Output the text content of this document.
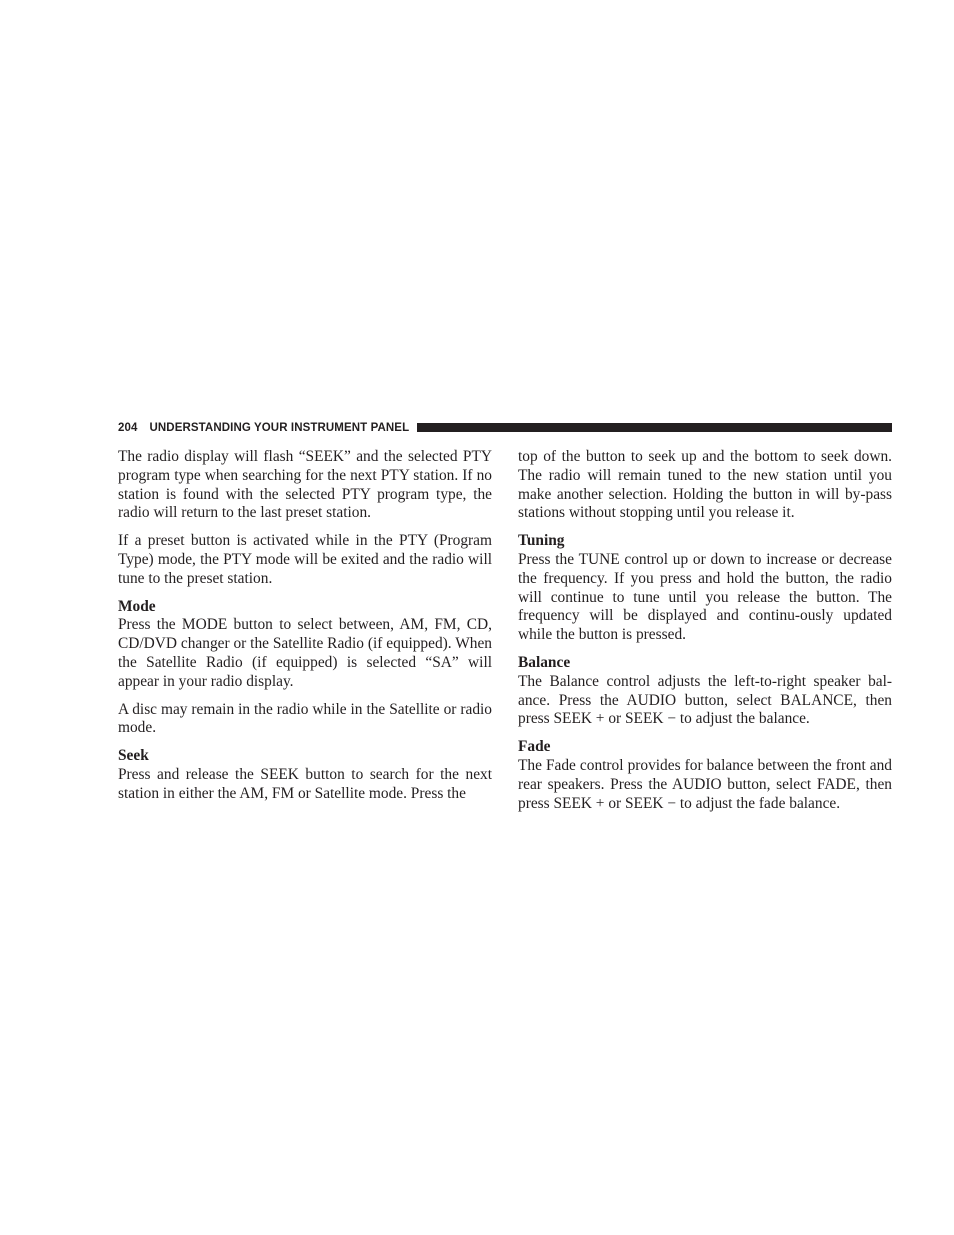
204 UNDERSTANDING YOUR INSTRUMENT PANEL

The radio display will flash “SEEK” and the selected PTY program type when searching for the next PTY station. If no station is found with the selected PTY program type, the radio will return to the last preset station.

If a preset button is activated while in the PTY (Program Type) mode, the PTY mode will be exited and the radio will tune to the preset station.

Mode

Press the MODE button to select between, AM, FM, CD, CD/DVD changer or the Satellite Radio (if equipped). When the Satellite Radio (if equipped) is selected “SA” will appear in your radio display.

A disc may remain in the radio while in the Satellite or radio mode.

Seek

Press and release the SEEK button to search for the next station in either the AM, FM or Satellite mode. Press the

top of the button to seek up and the bottom to seek down. The radio will remain tuned to the new station until you make another selection. Holding the button in will by-pass stations without stopping until you release it.

Tuning

Press the TUNE control up or down to increase or decrease the frequency. If you press and hold the button, the radio will continue to tune until you release the button. The frequency will be displayed and continu-ously updated while the button is pressed.

Balance

The Balance control adjusts the left-to-right speaker bal-ance. Press the AUDIO button, select BALANCE, then press SEEK + or SEEK − to adjust the balance.

Fade

The Fade control provides for balance between the front and rear speakers. Press the AUDIO button, select FADE, then press SEEK + or SEEK − to adjust the fade balance.
